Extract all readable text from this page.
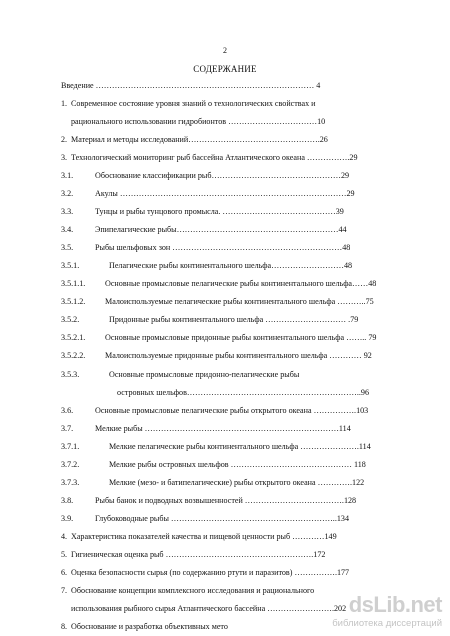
2
СОДЕРЖАНИЕ
Введение ……………………………………………………………………… 4
1. Современное состояние уровня знаний о технологических свойствах и
рационального использовании гидробионтов ……………………………10
2. Материал и методы исследований………………………………………….26
3. Технологический мониторинг рыб бассейна Атлантического океана …………….29
3.1.	Обоснование классификации рыб…………………………………………29
3.2.	Акулы …………………………………………………………………………29
3.3.	Тунцы и рыбы тунцового промысла. ……………………………………39
3.4.	Эпипелагические рыбы……………………………………………………44
3.5.	Рыбы шельфовых зон ………………………………………………………48
3.5.1.	Пелагические рыбы континентального шельфа………………………48
3.5.1.1. Основные промысловые пелагические рыбы континентального шельфа……48
3.5.1.2. Малоиспользуемые пелагические рыбы континентального шельфа ………..75
3.5.2.	Придонные рыбы континентального шельфа ………………………… .79
3.5.2.1. Основные промысловые придонные рыбы континентального шельфа …….. 79
3.5.2.2. Малоиспользуемые придонные рыбы континентального шельфа ………… 92
3.5.3.	Основные промысловые придонно-пелагические рыбы
островных шельфов………………………………………………………..96
3.6.	Основные промысловые пелагические рыбы открытого океана …………….103
3.7.	Мелкие рыбы ………………………………………………………………114
3.7.1.	Мелкие пелагические рыбы континентального шельфа ………………….114
3.7.2.	Мелкие рыбы островных шельфов ……………………………………… 118
3.7.3.	Мелкие (мезо- и батипелагические) рыбы открытого океана ………….122
3.8.	Рыбы банок и подводных возвышенностей ……………………………….128
3.9.	Глубоководные рыбы ……………………………………………………..134
4. Характеристика показателей качества и пищевой ценности рыб …………149
5. Гигиеническая оценка рыб ……………………………………………….172
6. Оценка безопасности сырья (по содержанию ртути и паразитов) …………….177
7. Обоснование концепции комплексного исследования и рационального
использования рыбного сырья Атлантического бассейна …………………….202
8. Обоснование и разработка объективных мето
dsLib.net
библиотека диссертаций
